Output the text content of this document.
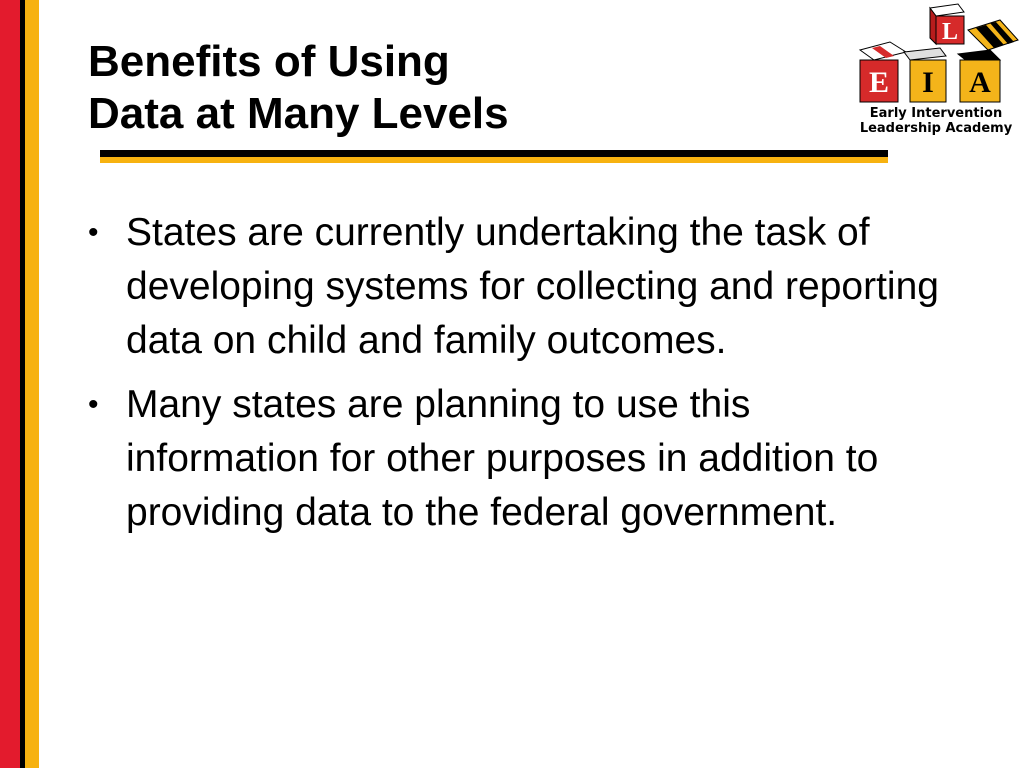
Benefits of Using
Data at Many Levels
• States are currently undertaking the task of developing systems for collecting and reporting data on child and family outcomes.
• Many states are planning to use this information for other purposes in addition to providing data to the federal government.
L
E I A
Early Intervention
Leadership Academy
